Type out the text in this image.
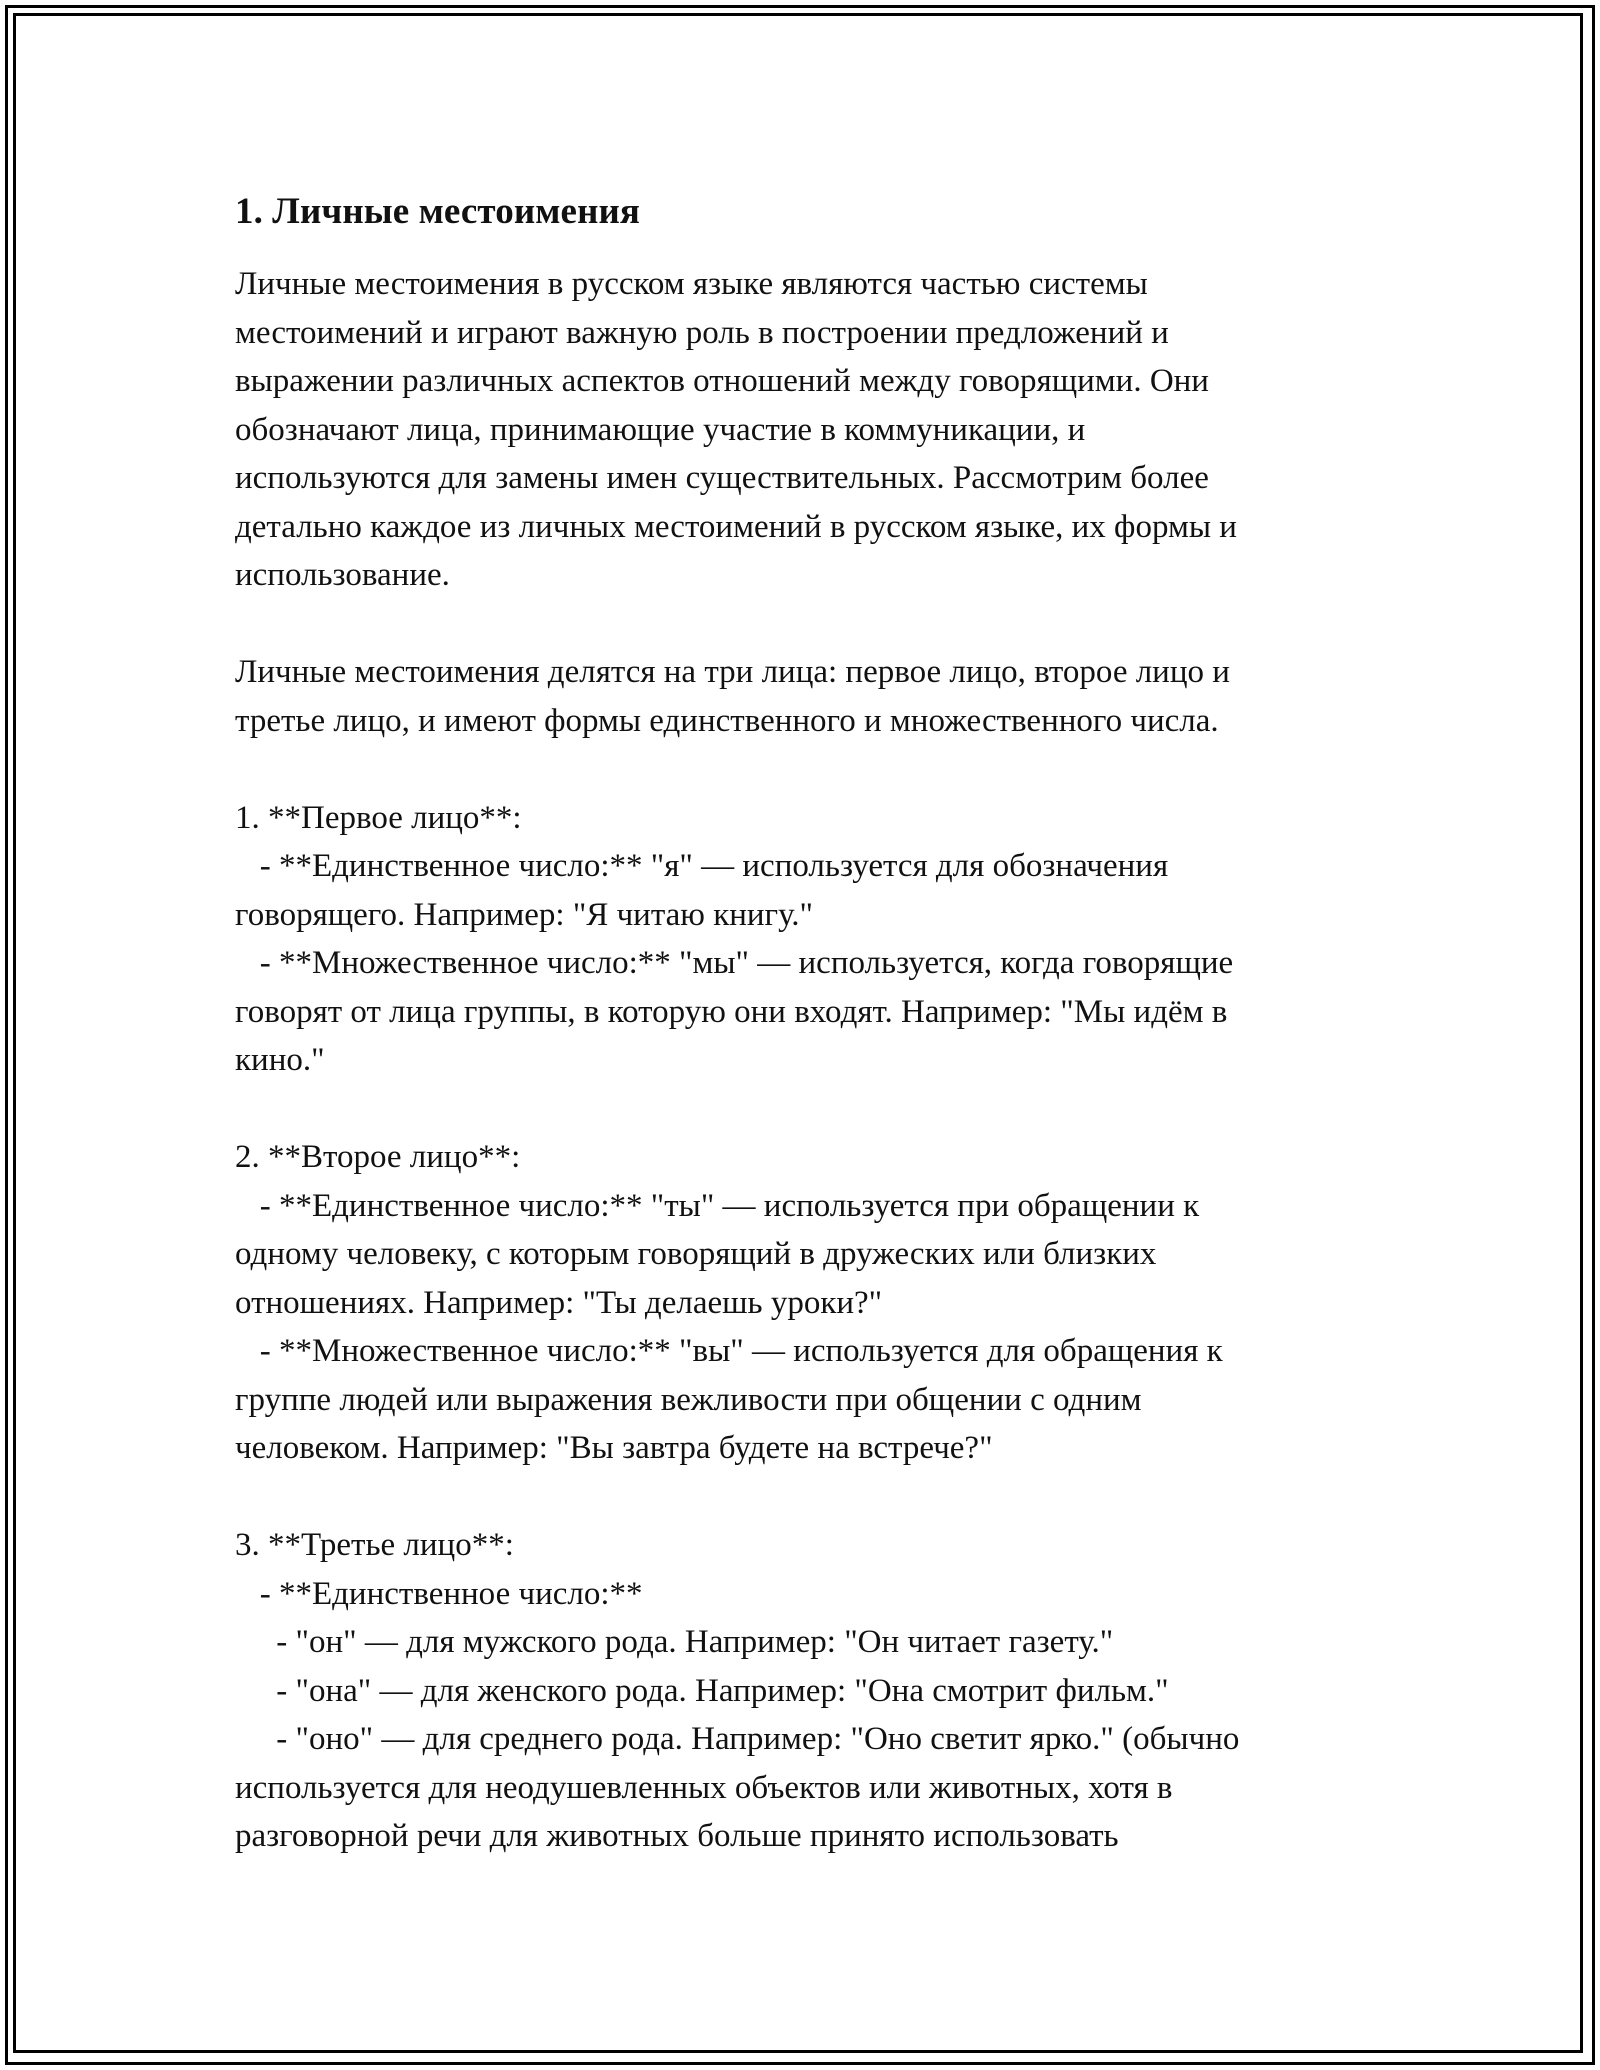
1. Личные местоимения

Личные местоимения в русском языке являются частью системы
местоимений и играют важную роль в построении предложений и
выражении различных аспектов отношений между говорящими. Они
обозначают лица, принимающие участие в коммуникации, и
используются для замены имен существительных. Рассмотрим более
детально каждое из личных местоимений в русском языке, их формы и
использование.

Личные местоимения делятся на три лица: первое лицо, второе лицо и
третье лицо, и имеют формы единственного и множественного числа.

1. **Первое лицо**:
- **Единственное число:** "я" — используется для обозначения
говорящего. Например: "Я читаю книгу."
- **Множественное число:** "мы" — используется, когда говорящие
говорят от лица группы, в которую они входят. Например: "Мы идём в
кино."

2. **Второе лицо**:
- **Единственное число:** "ты" — используется при обращении к
одному человеку, с которым говорящий в дружеских или близких
отношениях. Например: "Ты делаешь уроки?"
- **Множественное число:** "вы" — используется для обращения к
группе людей или выражения вежливости при общении с одним
человеком. Например: "Вы завтра будете на встрече?"

3. **Третье лицо**:
- **Единственное число:**
- "он" — для мужского рода. Например: "Он читает газету."
- "она" — для женского рода. Например: "Она смотрит фильм."
- "оно" — для среднего рода. Например: "Оно светит ярко." (обычно
используется для неодушевленных объектов или животных, хотя в
разговорной речи для животных больше принято использовать
